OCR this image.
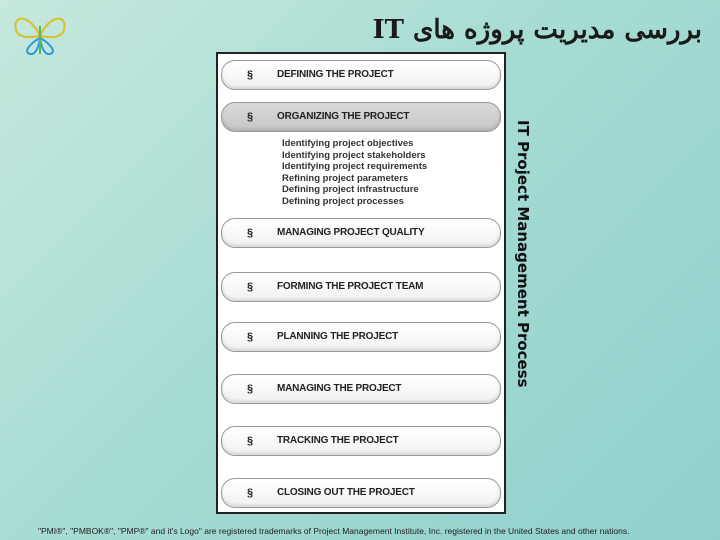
بررسی مدیریت پروژه های IT
§ DEFINING THE PROJECT
§ ORGANIZING THE PROJECT
Identifying project objectives
Identifying project stakeholders
Identifying project requirements
Refining project parameters
Defining project infrastructure
Defining project processes
§ MANAGING PROJECT QUALITY
§ FORMING THE PROJECT TEAM
§ PLANNING THE PROJECT
§ MANAGING THE PROJECT
§ TRACKING THE PROJECT
§ CLOSING OUT THE PROJECT
IT Project Management Process
"PMI®", "PMBOK®", "PMP®" and it's Logo" are registered trademarks of Project Management Institute, Inc. registered in the United States and other nations.
